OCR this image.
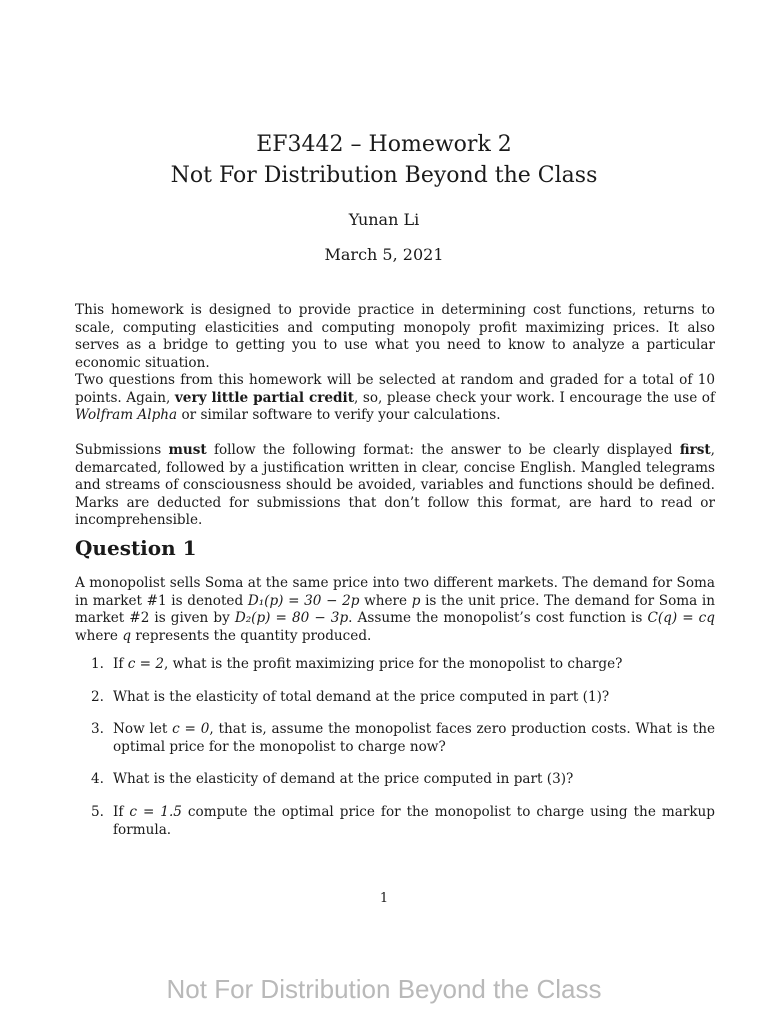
EF3442 – Homework 2
Not For Distribution Beyond the Class
Yunan Li
March 5, 2021

This homework is designed to provide practice in determining cost functions, returns to scale, computing elasticities and computing monopoly profit maximizing prices. It also serves as a bridge to getting you to use what you need to know to analyze a particular economic situation.

Two questions from this homework will be selected at random and graded for a total of 10 points. Again, very little partial credit, so, please check your work. I encourage the use of Wolfram Alpha or similar software to verify your calculations.

Submissions must follow the following format: the answer to be clearly displayed first, demarcated, followed by a justification written in clear, concise English. Mangled telegrams and streams of consciousness should be avoided, variables and functions should be defined. Marks are deducted for submissions that don’t follow this format, are hard to read or incomprehensible.

Question 1

A monopolist sells Soma at the same price into two different markets. The demand for Soma in market #1 is denoted D₁(p) = 30 − 2p where p is the unit price. The demand for Soma in market #2 is given by D₂(p) = 80 − 3p. Assume the monopolist’s cost function is C(q) = cq where q represents the quantity produced.

1. If c = 2, what is the profit maximizing price for the monopolist to charge?
2. What is the elasticity of total demand at the price computed in part (1)?
3. Now let c = 0, that is, assume the monopolist faces zero production costs. What is the optimal price for the monopolist to charge now?
4. What is the elasticity of demand at the price computed in part (3)?
5. If c = 1.5 compute the optimal price for the monopolist to charge using the markup formula.
1
Not For Distribution Beyond the Class
